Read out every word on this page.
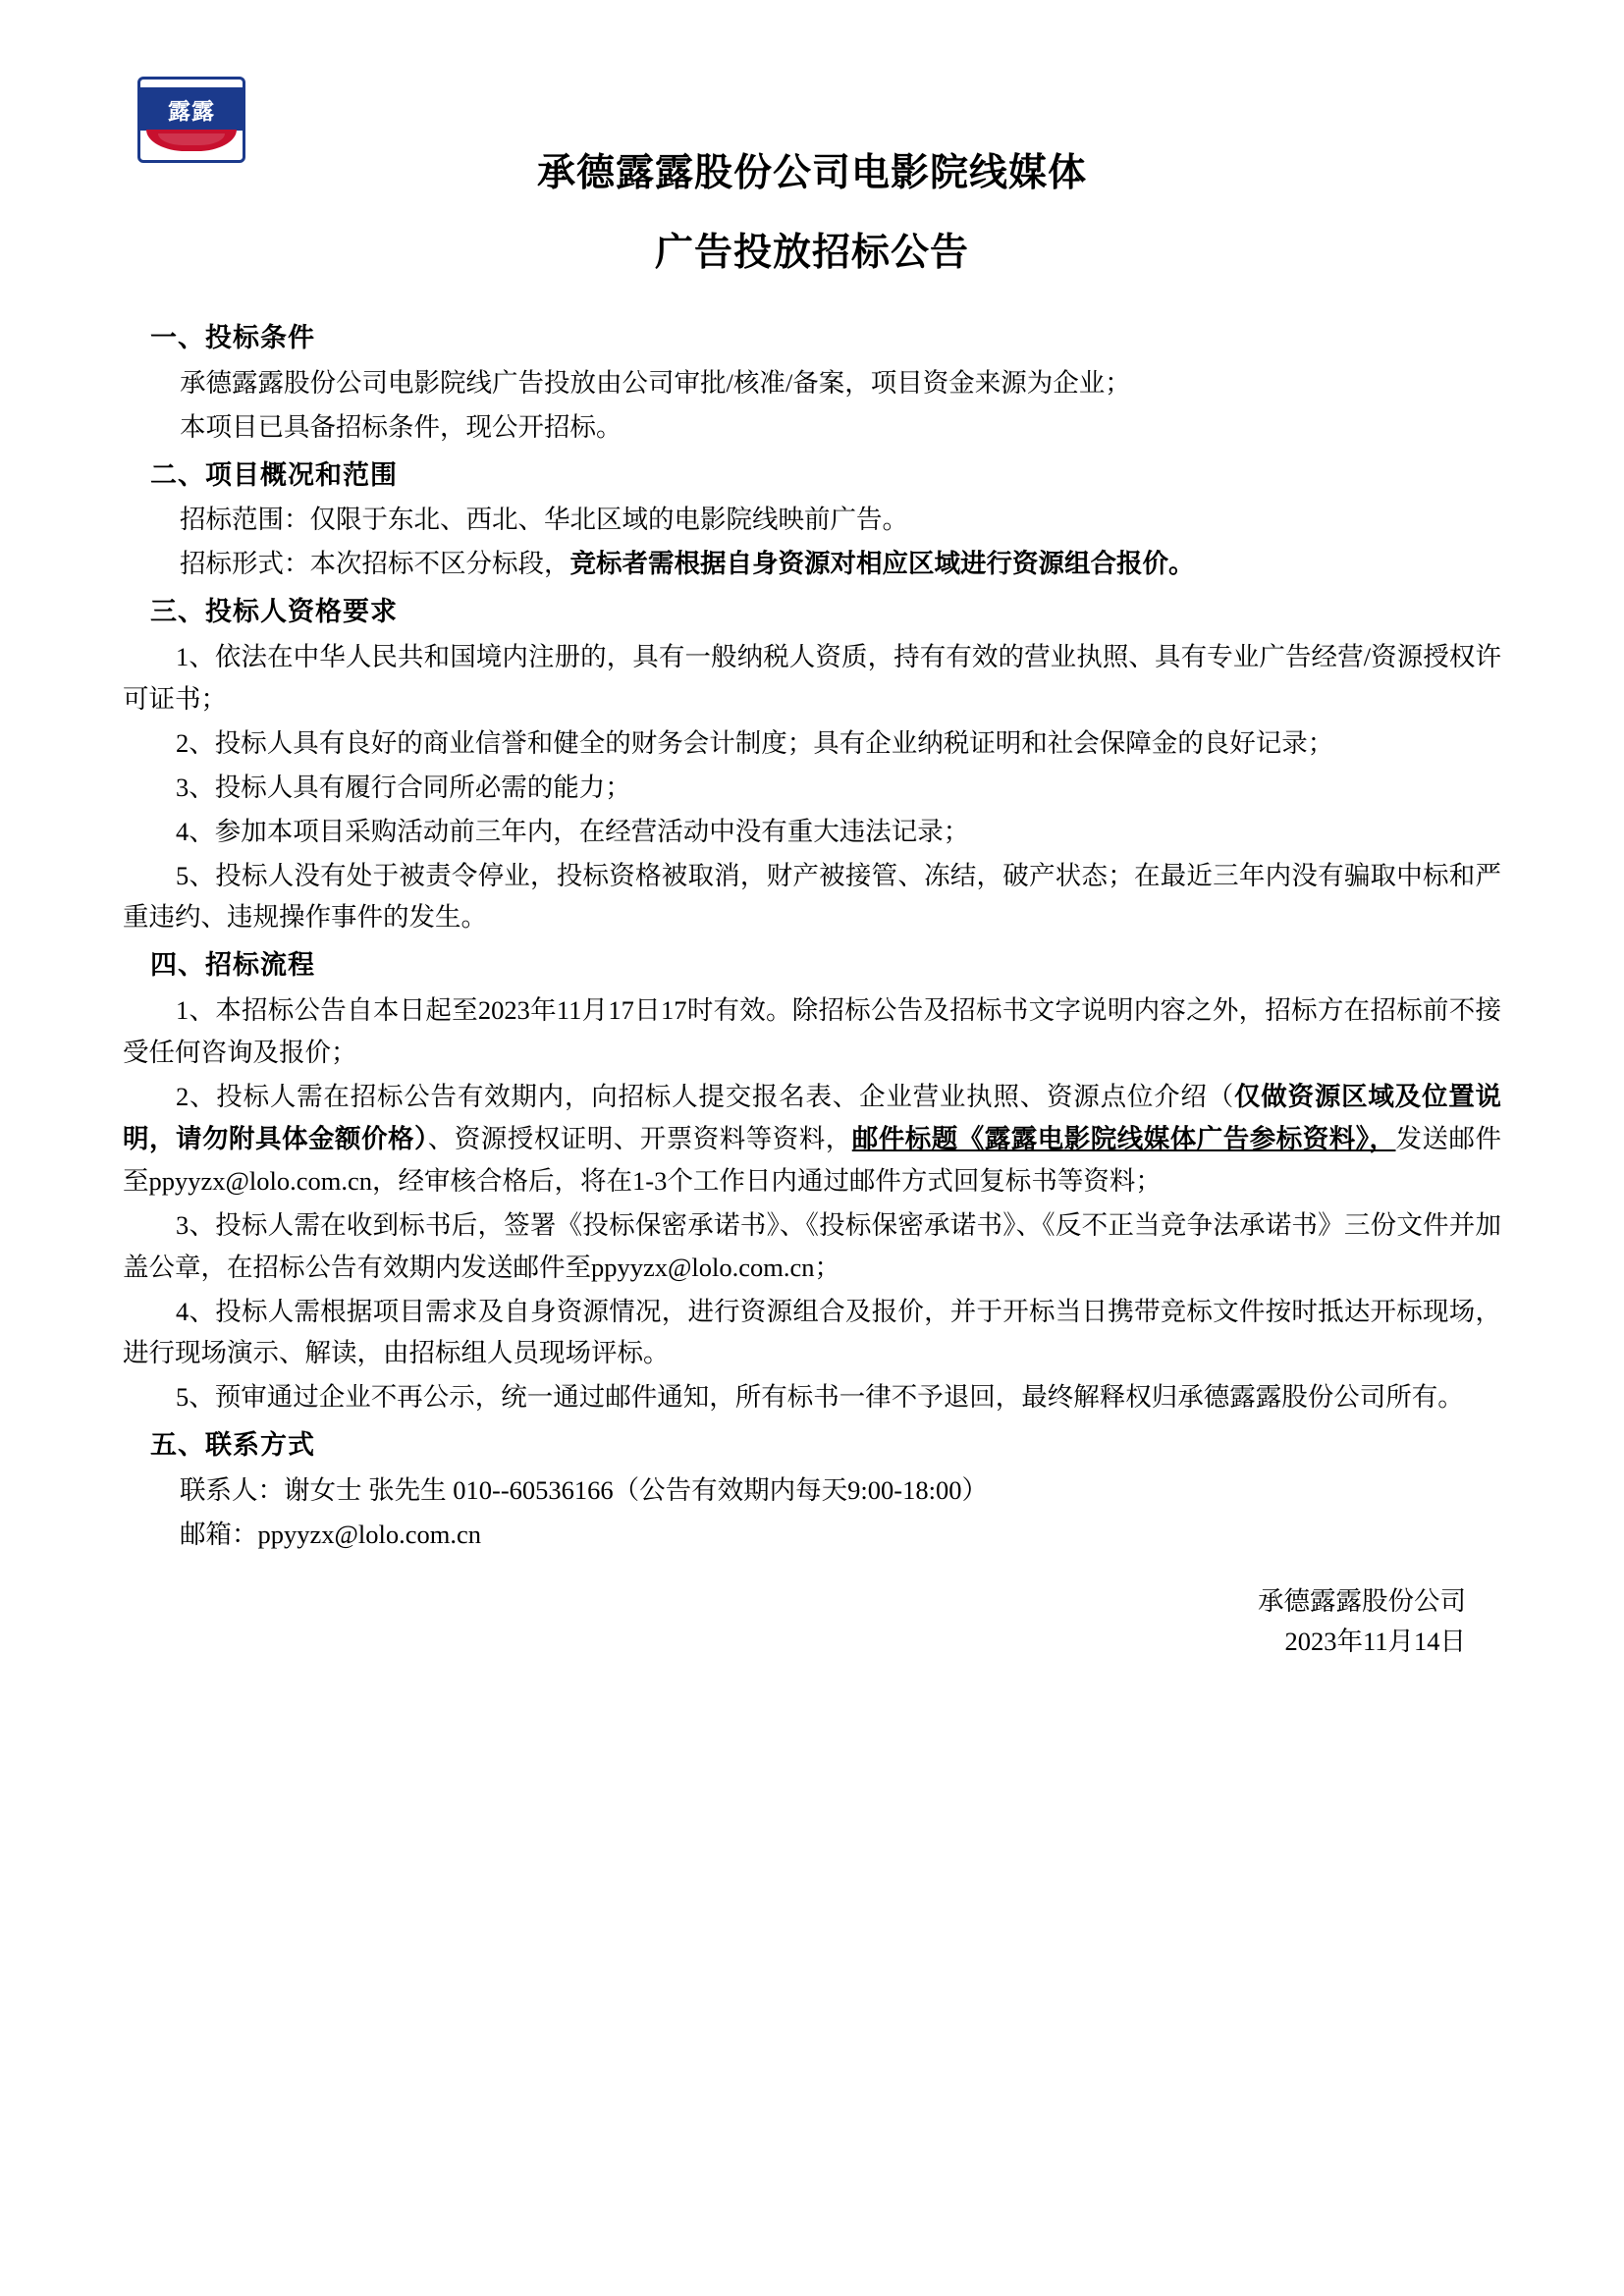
露露
承德露露股份公司电影院线媒体
广告投放招标公告
一、投标条件

承德露露股份公司电影院线广告投放由公司审批/核准/备案，项目资金来源为企业；

本项目已具备招标条件，现公开招标。

二、项目概况和范围

招标范围：仅限于东北、西北、华北区域的电影院线映前广告。

招标形式：本次招标不区分标段，竞标者需根据自身资源对相应区域进行资源组合报价。

三、投标人资格要求

1、依法在中华人民共和国境内注册的，具有一般纳税人资质，持有有效的营业执照、具有专业广告经营/资源授权许可证书；

2、投标人具有良好的商业信誉和健全的财务会计制度；具有企业纳税证明和社会保障金的良好记录；

3、投标人具有履行合同所必需的能力；

4、参加本项目采购活动前三年内，在经营活动中没有重大违法记录；

5、投标人没有处于被责令停业，投标资格被取消，财产被接管、冻结，破产状态；在最近三年内没有骗取中标和严重违约、违规操作事件的发生。

四、招标流程

1、本招标公告自本日起至2023年11月17日17时有效。除招标公告及招标书文字说明内容之外，招标方在招标前不接受任何咨询及报价；

2、投标人需在招标公告有效期内，向招标人提交报名表、企业营业执照、资源点位介绍（仅做资源区域及位置说明，请勿附具体金额价格）、资源授权证明、开票资料等资料，邮件标题《露露电影院线媒体广告参标资料》，发送邮件至ppyyzx@lolo.com.cn，经审核合格后，将在1-3个工作日内通过邮件方式回复标书等资料；

3、投标人需在收到标书后，签署《投标保密承诺书》、《投标保密承诺书》、《反不正当竞争法承诺书》三份文件并加盖公章，在招标公告有效期内发送邮件至ppyyzx@lolo.com.cn；

4、投标人需根据项目需求及自身资源情况，进行资源组合及报价，并于开标当日携带竞标文件按时抵达开标现场，进行现场演示、解读，由招标组人员现场评标。

5、预审通过企业不再公示，统一通过邮件通知，所有标书一律不予退回，最终解释权归承德露露股份公司所有。

五、联系方式

联系人：谢女士 张先生 010--60536166（公告有效期内每天9:00-18:00）

邮箱：ppyyzx@lolo.com.cn

承德露露股份公司
2023年11月14日
